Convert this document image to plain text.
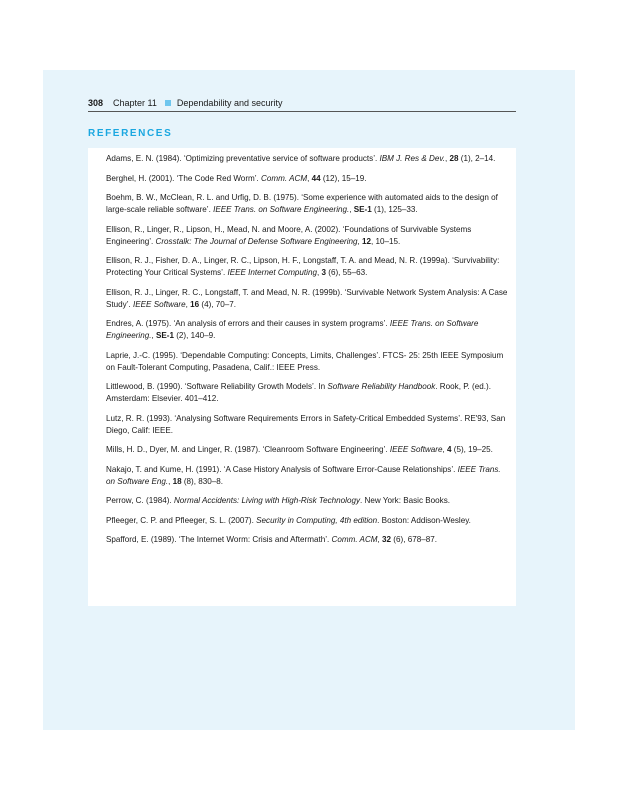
308 Chapter 11 Dependability and security
REFERENCES
Adams, E. N. (1984). ‘Optimizing preventative service of software products’. IBM J. Res & Dev., 28 (1), 2–14.
Berghel, H. (2001). ‘The Code Red Worm’. Comm. ACM, 44 (12), 15–19.
Boehm, B. W., McClean, R. L. and Urfig, D. B. (1975). ‘Some experience with automated aids to the design of large-scale reliable software’. IEEE Trans. on Software Engineering., SE-1 (1), 125–33.
Ellison, R., Linger, R., Lipson, H., Mead, N. and Moore, A. (2002). ‘Foundations of Survivable Systems Engineering’. Crosstalk: The Journal of Defense Software Engineering, 12, 10–15.
Ellison, R. J., Fisher, D. A., Linger, R. C., Lipson, H. F., Longstaff, T. A. and Mead, N. R. (1999a). ‘Survivability: Protecting Your Critical Systems’. IEEE Internet Computing, 3 (6), 55–63.
Ellison, R. J., Linger, R. C., Longstaff, T. and Mead, N. R. (1999b). ‘Survivable Network System Analysis: A Case Study’. IEEE Software, 16 (4), 70–7.
Endres, A. (1975). ‘An analysis of errors and their causes in system programs’. IEEE Trans. on Software Engineering., SE-1 (2), 140–9.
Laprie, J.-C. (1995). ‘Dependable Computing: Concepts, Limits, Challenges’. FTCS- 25: 25th IEEE Symposium on Fault-Tolerant Computing, Pasadena, Calif.: IEEE Press.
Littlewood, B. (1990). ‘Software Reliability Growth Models’. In Software Reliability Handbook. Rook, P. (ed.). Amsterdam: Elsevier. 401–412.
Lutz, R. R. (1993). ‘Analysing Software Requirements Errors in Safety-Critical Embedded Systems’. RE'93, San Diego, Calif: IEEE.
Mills, H. D., Dyer, M. and Linger, R. (1987). ‘Cleanroom Software Engineering’. IEEE Software, 4 (5), 19–25.
Nakajo, T. and Kume, H. (1991). ‘A Case History Analysis of Software Error-Cause Relationships’. IEEE Trans. on Software Eng., 18 (8), 830–8.
Perrow, C. (1984). Normal Accidents: Living with High-Risk Technology. New York: Basic Books.
Pfleeger, C. P. and Pfleeger, S. L. (2007). Security in Computing, 4th edition. Boston: Addison-Wesley.
Spafford, E. (1989). ‘The Internet Worm: Crisis and Aftermath’. Comm. ACM, 32 (6), 678–87.
